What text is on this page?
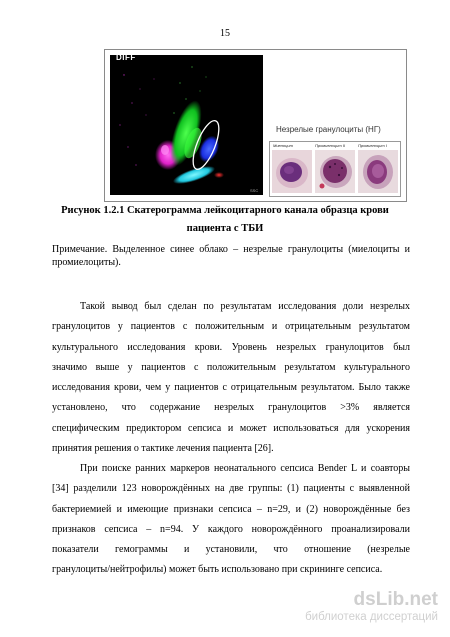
15
SSC
Незрелые гранулоциты (НГ)
Миелоцит	Промиелоцит II	Промиелоцит I
DIFF
Рисунок 1.2.1 Скатерограмма лейкоцитарного канала образца крови
пациента с ТБИ
Примечание. Выделенное синее облако – незрелые гранулоциты (миелоциты и промиелоциты).
Такой вывод был сделан по результатам исследования доли незрелых
гранулоцитов у пациентов с положительным и отрицательным результатом
культурального исследования крови. Уровень незрелых гранулоцитов был
значимо выше у пациентов с положительным результатом культурального
исследования крови, чем у пациентов с отрицательным результатом. Было также
установлено, что содержание незрелых гранулоцитов >3% является
специфическим предиктором сепсиса и может использоваться для ускорения
принятия решения о тактике лечения пациента [26].
При поиске ранних маркеров неонатального сепсиса Bender L и соавторы
[34] разделили 123 новорождённых на две группы: (1) пациенты с выявленной
бактериемией и имеющие признаки сепсиса – n=29, и (2) новорождённые без
признаков сепсиса – n=94. У каждого новорождённого проанализировали
показатели гемограммы и установили, что отношение (незрелые
гранулоциты/нейтрофилы) может быть использовано при скрининге сепсиса.
dsLib.net
библиотека диссертаций
